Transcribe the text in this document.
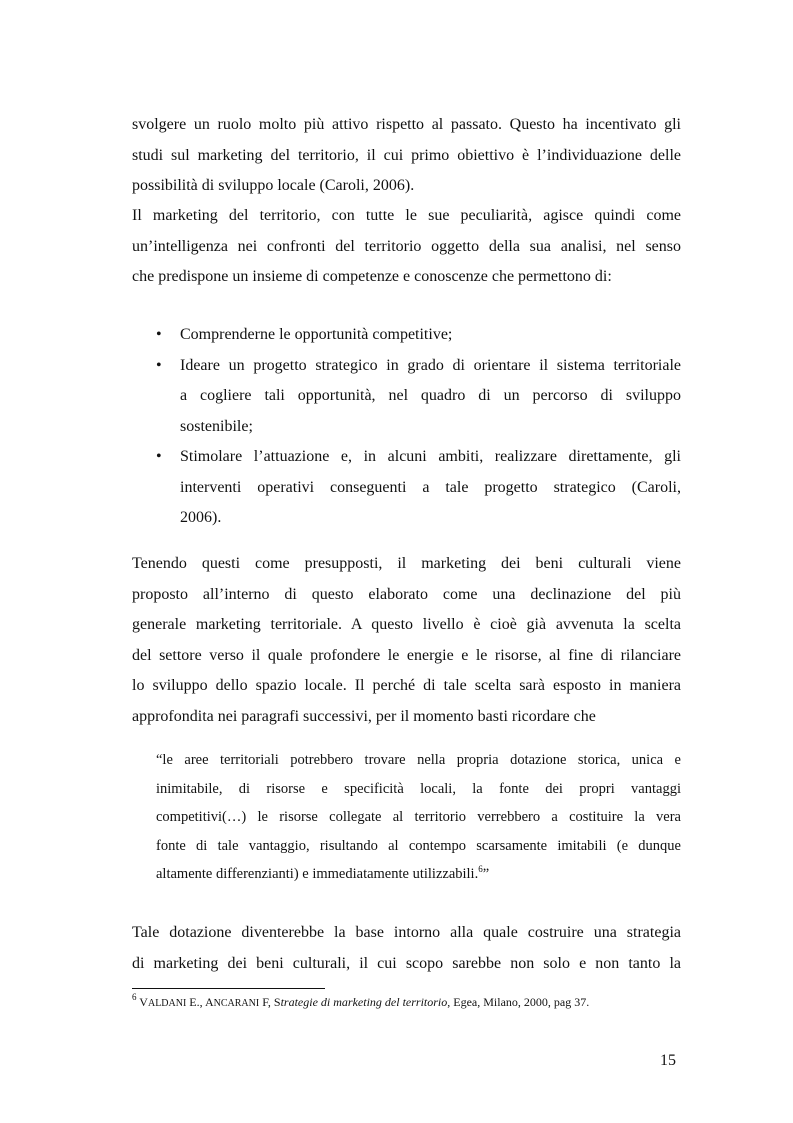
svolgere un ruolo molto più attivo rispetto al passato. Questo ha incentivato gli
studi sul marketing del territorio, il cui primo obiettivo è l’individuazione delle
possibilità di sviluppo locale (Caroli, 2006).
Il marketing del territorio, con tutte le sue peculiarità, agisce quindi come
un’intelligenza nei confronti del territorio oggetto della sua analisi, nel senso
che predispone un insieme di competenze e conoscenze che permettono di:
• Comprenderne le opportunità competitive;
• Ideare un progetto strategico in grado di orientare il sistema territoriale
a cogliere tali opportunità, nel quadro di un percorso di sviluppo
sostenibile;
• Stimolare l’attuazione e, in alcuni ambiti, realizzare direttamente, gli
interventi operativi conseguenti a tale progetto strategico (Caroli,
2006).
Tenendo questi come presupposti, il marketing dei beni culturali viene
proposto all’interno di questo elaborato come una declinazione del più
generale marketing territoriale. A questo livello è cioè già avvenuta la scelta
del settore verso il quale profondere le energie e le risorse, al fine di rilanciare
lo sviluppo dello spazio locale. Il perché di tale scelta sarà esposto in maniera
approfondita nei paragrafi successivi, per il momento basti ricordare che
“le aree territoriali potrebbero trovare nella propria dotazione storica, unica e
inimitabile, di risorse e specificità locali, la fonte dei propri vantaggi
competitivi(…) le risorse collegate al territorio verrebbero a costituire la vera
fonte di tale vantaggio, risultando al contempo scarsamente imitabili (e dunque
altamente differenzianti) e immediatamente utilizzabili.$^6$”
Tale dotazione diventerebbe la base intorno alla quale costruire una strategia
di marketing dei beni culturali, il cui scopo sarebbe non solo e non tanto la
$^6$ VALDANI E., ANCARANI F, Strategie di marketing del territorio, Egea, Milano, 2000, pag 37.
15
